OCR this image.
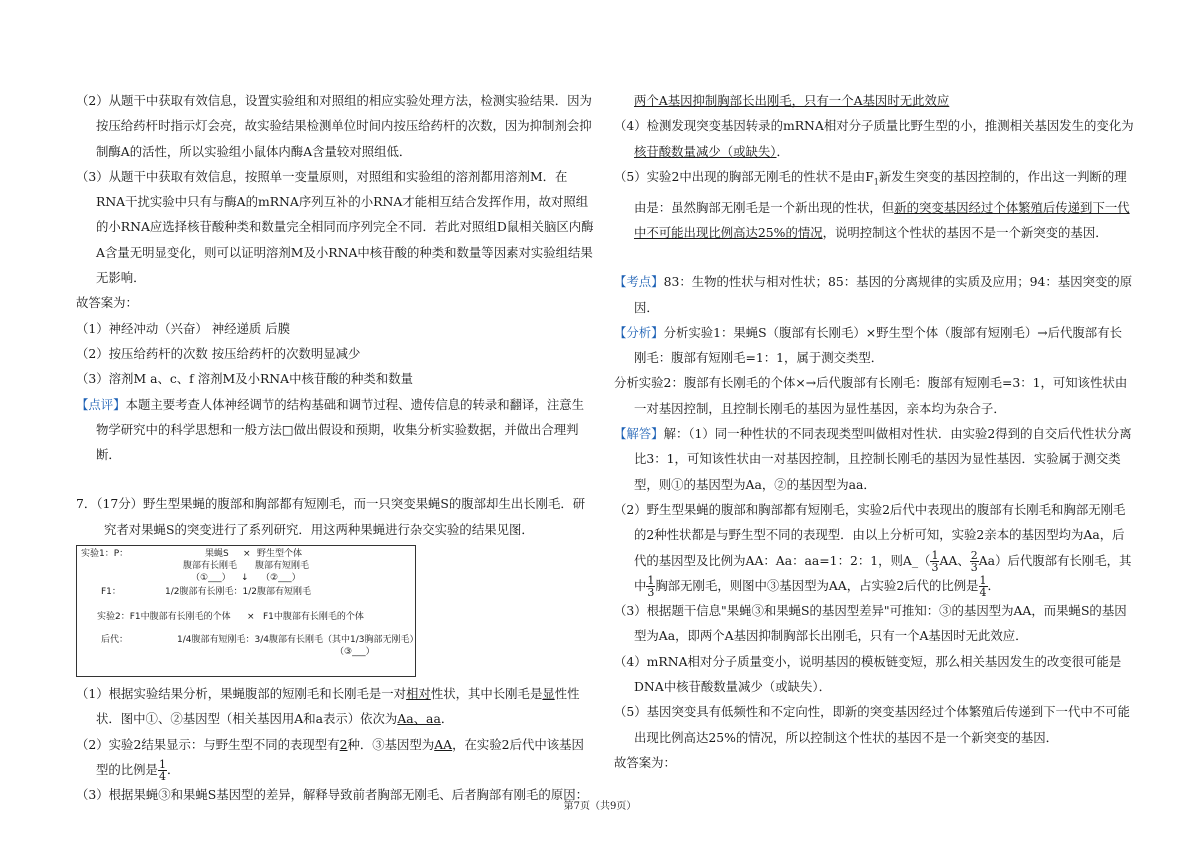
（2）从题干中获取有效信息，设置实验组和对照组的相应实验处理方法，检测实验结果．因为按压给药杆时指示灯会亮，故实验结果检测单位时间内按压给药杆的次数，因为抑制剂会抑制酶A的活性，所以实验组小鼠体内酶A含量较对照组低．

（3）从题干中获取有效信息，按照单一变量原则，对照组和实验组的溶剂都用溶剂M．在RNA干扰实验中只有与酶A的mRNA序列互补的小RNA才能相互结合发挥作用，故对照组的小RNA应选择核苷酸种类和数量完全相同而序列完全不同．若此对照组D鼠相关脑区内酶A含量无明显变化，则可以证明溶剂M及小RNA中核苷酸的种类和数量等因素对实验组结果无影响．

故答案为：

（1）神经冲动（兴奋） 神经递质 后膜

（2）按压给药杆的次数 按压给药杆的次数明显减少

（3）溶剂M a、c、f 溶剂M及小RNA中核苷酸的种类和数量

【点评】本题主要考查人体神经调节的结构基础和调节过程、遗传信息的转录和翻译，注意生物学研究中的科学思想和一般方法□做出假设和预期，收集分析实验数据，并做出合理判断．

7．（17分）野生型果蝇的腹部和胸部都有短刚毛，而一只突变果蝇S的腹部却生出长刚毛．研究者对果蝇S的突变进行了系列研究．用这两种果蝇进行杂交实验的结果见图．

实验1：P：	果蝇S × 野生型个体
腹部有长刚毛 腹部有短刚毛
（①___） ↓ （②___）
F1：	1/2腹部有长刚毛：1/2腹部有短刚毛
实验2：F1中腹部有长刚毛的个体 × F1中腹部有长刚毛的个体
后代：	1/4腹部有短刚毛：3/4腹部有长刚毛（其中1/3胸部无刚毛）
（③___）

（1）根据实验结果分析，果蝇腹部的短刚毛和长刚毛是一对相对性状，其中长刚毛是显性性状．图中①、②基因型（相关基因用A和a表示）依次为Aa、aa．

（2）实验2结果显示：与野生型不同的表现型有2种．③基因型为AA，在实验2后代中该基因型的比例是 $\frac{1}{4}$ ．

（3）根据果蝇③和果蝇S基因型的差异，解释导致前者胸部无刚毛、后者胸部有刚毛的原因：

两个A基因抑制胸部长出刚毛，只有一个A基因时无此效应

（4）检测发现突变基因转录的mRNA相对分子质量比野生型的小，推测相关基因发生的变化为核苷酸数量减少（或缺失）．

（5）实验2中出现的胸部无刚毛的性状不是由$F_1$新发生突变的基因控制的，作出这一判断的理由是：虽然胸部无刚毛是一个新出现的性状，但新的突变基因经过个体繁殖后传递到下一代中不可能出现比例高达25%的情况，说明控制这个性状的基因不是一个新突变的基因．

【考点】83：生物的性状与相对性状；85：基因的分离规律的实质及应用；94：基因突变的原因．

【分析】分析实验1：果蝇S（腹部有长刚毛）×野生型个体（腹部有短刚毛）→后代腹部有长刚毛：腹部有短刚毛=1：1，属于测交类型．

分析实验2：腹部有长刚毛的个体×→后代腹部有长刚毛：腹部有短刚毛=3：1，可知该性状由一对基因控制，且控制长刚毛的基因为显性基因，亲本均为杂合子．

【解答】解：（1）同一种性状的不同表现类型叫做相对性状．由实验2得到的自交后代性状分离比3：1，可知该性状由一对基因控制，且控制长刚毛的基因为显性基因．实验属于测交类型，则①的基因型为Aa，②的基因型为aa．

（2）野生型果蝇的腹部和胸部都有短刚毛，实验2后代中表现出的腹部有长刚毛和胸部无刚毛的2种性状都是与野生型不同的表现型．由以上分析可知，实验2亲本的基因型均为Aa，后代的基因型及比例为AA：Aa：aa=1：2：1，则A_（ $\frac{1}{3}$ AA、 $\frac{2}{3} Aa$）后代腹部有长刚毛，其中 $\frac{1}{3}$ 胸部无刚毛，则图中③基因型为AA，占实验2后代的比例是 $\frac{1}{4}$ ．

（3）根据题干信息"果蝇③和果蝇S的基因型差异"可推知：③的基因型为AA，而果蝇S的基因型为Aa，即两个A基因抑制胸部长出刚毛，只有一个A基因时无此效应．

（4）mRNA相对分子质量变小，说明基因的模板链变短，那么相关基因发生的改变很可能是DNA中核苷酸数量减少（或缺失）．

（5）基因突变具有低频性和不定向性，即新的突变基因经过个体繁殖后传递到下一代中不可能出现比例高达25%的情况，所以控制这个性状的基因不是一个新突变的基因．

故答案为：

第7页（共9页）
